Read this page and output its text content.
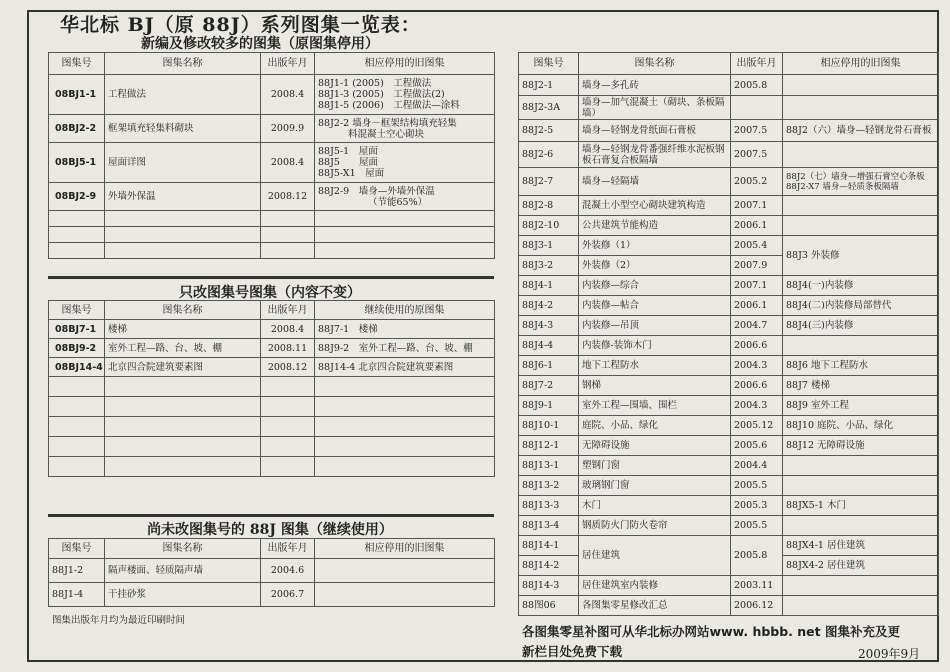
华北标 BJ（原 88J）系列图集一览表：
新编及修改较多的图集（原图集停用）
图集号	图集名称	出版年月	相应停用的旧图集
08BJ1-1	工程做法	2008.4	88J1-1 (2005)　工程做法
88J1-3 (2005)　工程做法(2)
88J1-5 (2006)　工程做法—涂料

08BJ2-2	框架填充轻集料砌块	2009.9	88J2-2 墙身－框架结构填充轻集
料混凝土空心砌块

08BJ5-1	屋面详图	2008.4	88J5-1　屋面
88J5　　屋面
88J5-X1　屋面

08BJ2-9	外墙外保温	2008.12	88J2-9　墙身—外墙外保温
（节能65%）

只改图集号图集（内容不变）
图集号	图集名称	出版年月	继续使用的原图集
08BJ7-1	楼梯	2008.4	88J7-1　楼梯
08BJ9-2	室外工程—路、台、坡、棚	2008.11	88J9-2　室外工程—路、台、坡、棚
08BJ14-4	北京四合院建筑要素图	2008.12	88J14-4 北京四合院建筑要素图

尚未改图集号的 88J 图集（继续使用）
图集号	图集名称	出版年月	相应停用的旧图集
88J1-2	隔声楼面、轻质隔声墙	2004.6	
88J1-4	干挂砂浆	2006.7	
图集出版年月均为最近印刷时间
图集号	图集名称	出版年月	相应停用的旧图集
88J2-1	墙身—多孔砖	2005.8	
88J2-3A	墙身—加气混凝土（砌块、条板隔墙）		
88J2-5	墙身—轻钢龙骨纸面石膏板	2007.5	88J2（六）墙身—轻钢龙骨石膏板
88J2-6	墙身—轻钢龙骨番强纤维水泥板钢板石膏复合板隔墙	2007.5	
88J2-7	墙身—轻隔墙	2005.2	88J2（七）墙身—增强石膏空心条板 88J2-X7 墙身—轻质条板隔墙
88J2-8	混凝土小型空心砌块建筑构造	2007.1	
88J2-10	公共建筑节能构造	2006.1	
88J3-1	外装修（1）	2005.4	88J3 外装修
88J3-2	外装修（2）	2007.9	
88J4-1	内装修—综合	2007.1	88J4(一)内装修
88J4-2	内装修—帖合	2006.1	88J4(二)内装修局部替代
88J4-3	内装修—吊顶	2004.7	88J4(三)内装修
88J4-4	内装修-装饰木门	2006.6	
88J6-1	地下工程防水	2004.3	88J6 地下工程防水
88J7-2	钢梯	2006.6	88J7 楼梯
88J9-1	室外工程—围墙、围栏	2004.3	88J9 室外工程
88J10-1	庭院、小品、绿化	2005.12	88J10 庭院、小品、绿化
88J12-1	无障碍设施	2005.6	88J12 无障碍设施
88J13-1	塑钢门窗	2004.4	
88J13-2	玻璃钢门窗	2005.5	
88J13-3	木门	2005.3	88JX5-1 木门
88J13-4	钢质防火门防火卷帘	2005.5	
88J14-1	居住建筑	2005.8	88JX4-1 居住建筑
88J14-2			88JX4-2 居住建筑
88J14-3	居住建筑室内装修	2003.11	
88图06	各图集零星修改汇总	2006.12	
各图集零星补图可从华北标办网站www. hbbb. net 图集补充及更
新栏目处免费下载	2009年9月
